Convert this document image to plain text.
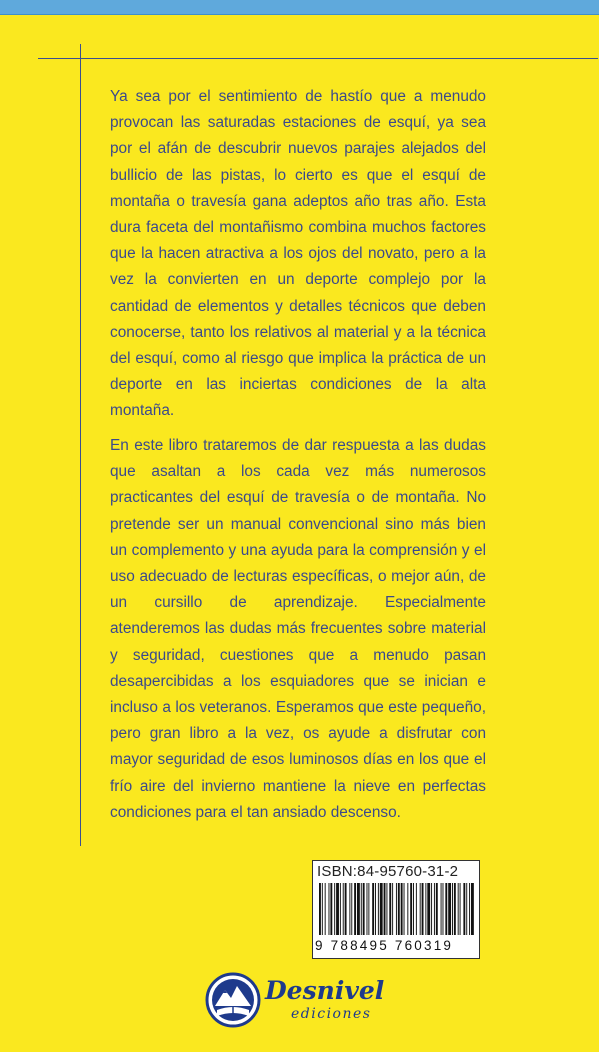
Ya sea por el sentimiento de hastío que a menudo provocan las saturadas estaciones de esquí, ya sea por el afán de descubrir nuevos parajes alejados del bullicio de las pistas, lo cierto es que el esquí de montaña o travesía gana adeptos año tras año. Esta dura faceta del montañismo combina muchos factores que la hacen atractiva a los ojos del novato, pero a la vez la convierten en un deporte complejo por la cantidad de elementos y detalles técnicos que deben conocerse, tanto los relativos al material y a la técnica del esquí, como al riesgo que implica la práctica de un deporte en las inciertas condiciones de la alta montaña.

En este libro trataremos de dar respuesta a las dudas que asaltan a los cada vez más numerosos practicantes del esquí de travesía o de montaña. No pretende ser un manual convencional sino más bien un complemento y una ayuda para la comprensión y el uso adecuado de lecturas específicas, o mejor aún, de un cursillo de aprendizaje. Especialmente atenderemos las dudas más frecuentes sobre material y seguridad, cuestiones que a menudo pasan desapercibidas a los esquiadores que se inician e incluso a los veteranos. Esperamos que este pequeño, pero gran libro a la vez, os ayude a disfrutar con mayor seguridad de esos luminosos días en los que el frío aire del invierno mantiene la nieve en perfectas condiciones para el tan ansiado descenso.

ISBN:84-95760-31-2
9 788495 760319
Desnivel
ediciones
